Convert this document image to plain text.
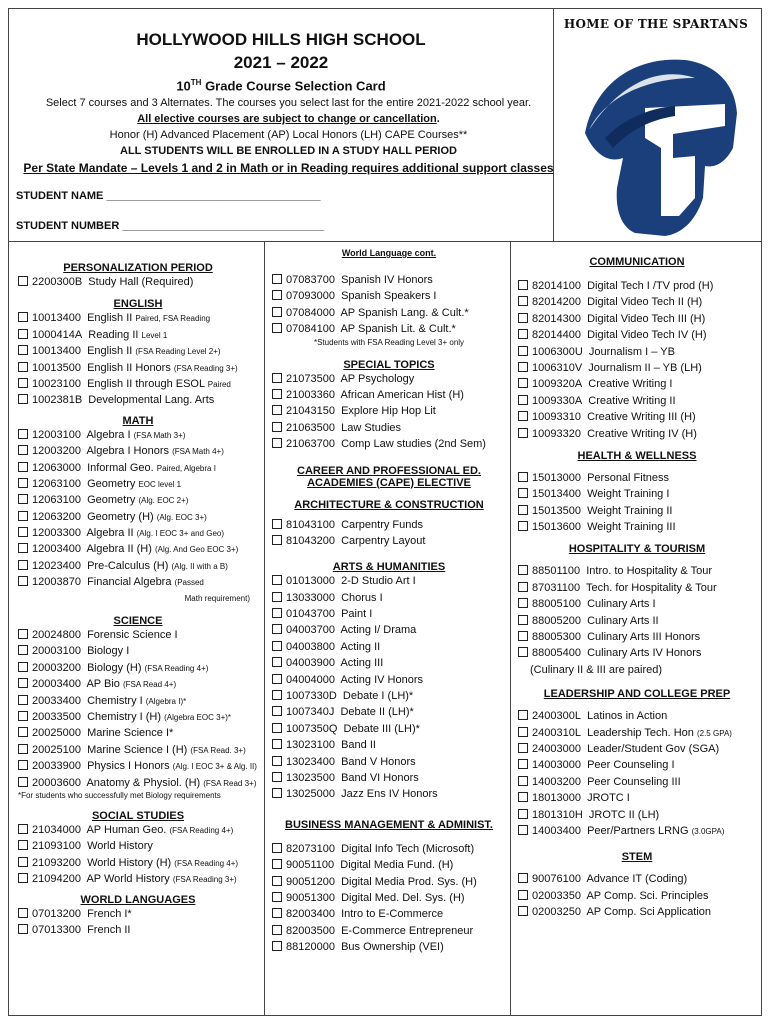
HOLLYWOOD HILLS HIGH SCHOOL
2021 – 2022
10TH Grade Course Selection Card
Select 7 courses and 3 Alternates. The courses you select last for the entire 2021-2022 school year.
All elective courses are subject to change or cancellation.
Honor (H) Advanced Placement (AP) Local Honors (LH) CAPE Courses**
ALL STUDENTS WILL BE ENROLLED IN A STUDY HALL PERIOD
Per State Mandate – Levels 1 and 2 in Math or in Reading requires additional support classes
STUDENT NAME ___________________________________
STUDENT NUMBER _________________________________
HOME OF THE SPARTANS

PERSONALIZATION PERIOD

2200300B Study Hall (Required)

ENGLISH

10013400 English II Paired, FSA Reading
1000414A Reading II Level 1
10013400 English II (FSA Reading Level 2+)
10013500 English II Honors (FSA Reading 3+)
10023100 English II through ESOL Paired
1002381B Developmental Lang. Arts

MATH

12003100 Algebra I (FSA Math 3+)
12003200 Algebra I Honors (FSA Math 4+)
12063000 Informal Geo. Paired, Algebra I
12063100 Geometry EOC level 1
12063100 Geometry (Alg. EOC 2+)
12063200 Geometry (H) (Alg. EOC 3+)
12003300 Algebra II (Alg. I EOC 3+ and Geo)
12003400 Algebra II (H) (Alg. And Geo EOC 3+)
12023400 Pre-Calculus (H) (Alg. II with a B)
12003870 Financial Algebra (Passed
Math requirement)

SCIENCE

20024800 Forensic Science I
20003100 Biology I
20003200 Biology (H) (FSA Reading 4+)
20003400 AP Bio (FSA Read 4+)
20033400 Chemistry I (Algebra I)*
20033500 Chemistry I (H) (Algebra EOC 3+)*
20025000 Marine Science I*
20025100 Marine Science I (H) (FSA Read. 3+)
20033900 Physics I Honors (Alg. I EOC 3+ & Alg. II)
20003600 Anatomy & Physiol. (H) (FSA Read 3+)
*For students who successfully met Biology requirements

SOCIAL STUDIES

21034000 AP Human Geo. (FSA Reading 4+)
21093100 World History
21093200 World History (H) (FSA Reading 4+)
21094200 AP World History (FSA Reading 3+)

WORLD LANGUAGES

07013200 French I*
07013300 French II

World Language cont.

07083700 Spanish IV Honors
07093000 Spanish Speakers I
07084000 AP Spanish Lang. & Cult.*
07084100 AP Spanish Lit. & Cult.*
*Students with FSA Reading Level 3+ only

SPECIAL TOPICS

21073500 AP Psychology
21003360 African American Hist (H)
21043150 Explore Hip Hop Lit
21063500 Law Studies
21063700 Comp Law studies (2nd Sem)

CAREER AND PROFESSIONAL ED.
ACADEMIES (CAPE) ELECTIVE

ARCHITECTURE & CONSTRUCTION

81043100 Carpentry Funds
81043200 Carpentry Layout

ARTS & HUMANITIES

01013000 2-D Studio Art I
13033000 Chorus I
01043700 Paint I
04003700 Acting I/ Drama
04003800 Acting II
04003900 Acting III
04004000 Acting IV Honors
1007330D Debate I (LH)*
1007340J Debate II (LH)*
1007350Q Debate III (LH)*
13023100 Band II
13023400 Band V Honors
13023500 Band VI Honors
13025000 Jazz Ens IV Honors

BUSINESS MANAGEMENT & ADMINIST.

82073100 Digital Info Tech (Microsoft)
90051100 Digital Media Fund. (H)
90051200 Digital Media Prod. Sys. (H)
90051300 Digital Med. Del. Sys. (H)
82003400 Intro to E-Commerce
82003500 E-Commerce Entrepreneur
88120000 Bus Ownership (VEI)

COMMUNICATION

82014100 Digital Tech I /TV prod (H)
82014200 Digital Video Tech II (H)
82014300 Digital Video Tech III (H)
82014400 Digital Video Tech IV (H)
1006300U Journalism I – YB
1006310V Journalism II – YB (LH)
1009320A Creative Writing I
1009330A Creative Writing II
10093310 Creative Writing III (H)
10093320 Creative Writing IV (H)

HEALTH & WELLNESS

15013000 Personal Fitness
15013400 Weight Training I
15013500 Weight Training II
15013600 Weight Training III

HOSPITALITY & TOURISM

88501100 Intro. to Hospitality & Tour
87031100 Tech. for Hospitality & Tour
88005100 Culinary Arts I
88005200 Culinary Arts II
88005300 Culinary Arts III Honors
88005400 Culinary Arts IV Honors
(Culinary II & III are paired)

LEADERSHIP AND COLLEGE PREP

2400300L Latinos in Action
2400310L Leadership Tech. Hon (2.5 GPA)
24003000 Leader/Student Gov (SGA)
14003000 Peer Counseling I
14003200 Peer Counseling III
18013000 JROTC I
1801310H JROTC II (LH)
14003400 Peer/Partners LRNG (3.0GPA)

STEM

90076100 Advance IT (Coding)
02003350 AP Comp. Sci. Principles
02003250 AP Comp. Sci Application
